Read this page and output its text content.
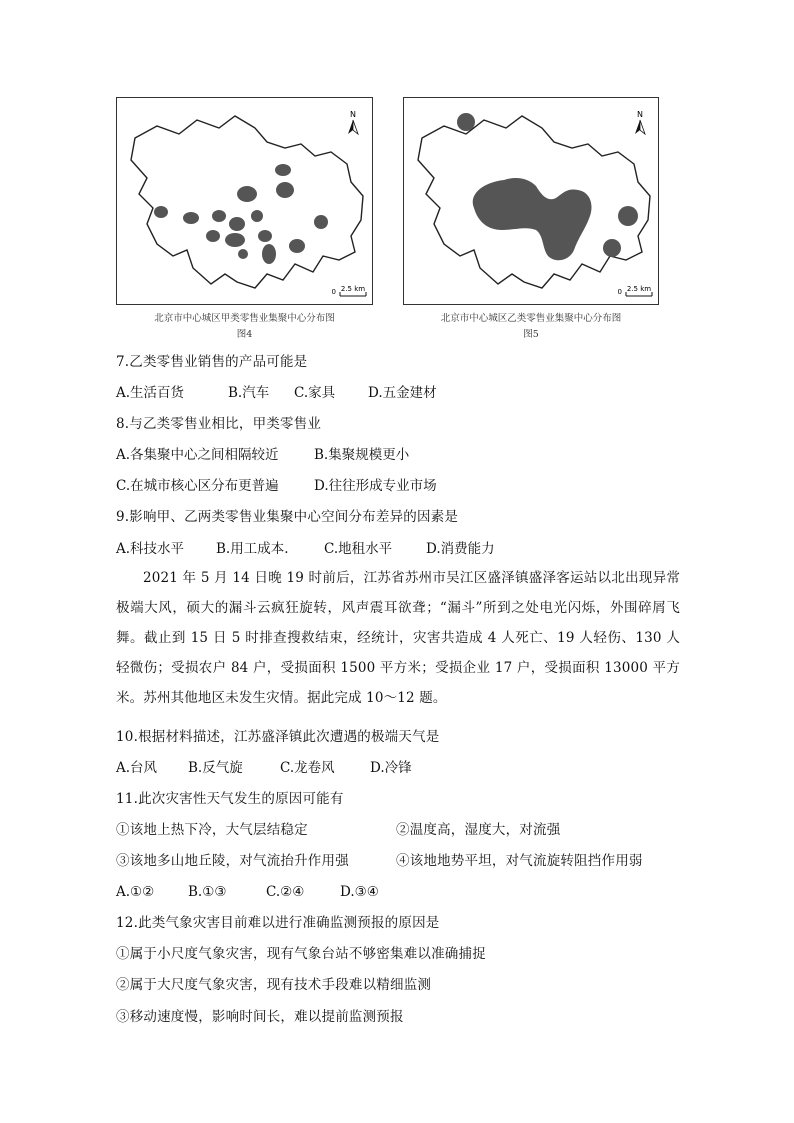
N
0 2.5 km
北京市中心城区甲类零售业集聚中心分布图
图4
N
0 2.5 km
北京市中心城区乙类零售业集聚中心分布图
图5
7.乙类零售业销售的产品可能是
A.生活百货	B.汽车 C.家具 D.五金建材
8.与乙类零售业相比，甲类零售业
A.各集聚中心之间相隔较近	B.集聚规模更小
C.在城市核心区分布更普遍	D.往往形成专业市场
9.影响甲、乙两类零售业集聚中心空间分布差异的因素是
A.科技水平 B.用工成本.	C.地租水平	D.消费能力
2021 年 5 月 14 日晚 19 时前后，江苏省苏州市吴江区盛泽镇盛泽客运站以北出现异常极端大风，硕大的漏斗云疯狂旋转，风声震耳欲聋；“漏斗”所到之处电光闪烁，外围碎屑飞舞。截止到 15 日 5 时排查搜救结束，经统计，灾害共造成 4 人死亡、19 人轻伤、130 人轻微伤；受损农户 84 户，受损面积 1500 平方米；受损企业 17 户，受损面积 13000 平方米。苏州其他地区未发生灾情。据此完成 10～12 题。
10.根据材料描述，江苏盛泽镇此次遭遇的极端天气是
A.台风 B.反气旋	C.龙卷风	D.冷锋
11.此次灾害性天气发生的原因可能有
①该地上热下冷，大气层结稳定	②温度高，湿度大，对流强
③该地多山地丘陵，对气流抬升作用强	④该地地势平坦，对气流旋转阻挡作用弱
A.①②	B.①③	C.②④	D.③④
12.此类气象灾害目前难以进行准确监测预报的原因是
①属于小尺度气象灾害，现有气象台站不够密集难以准确捕捉
②属于大尺度气象灾害，现有技术手段难以精细监测
③移动速度慢，影响时间长，难以提前监测预报
